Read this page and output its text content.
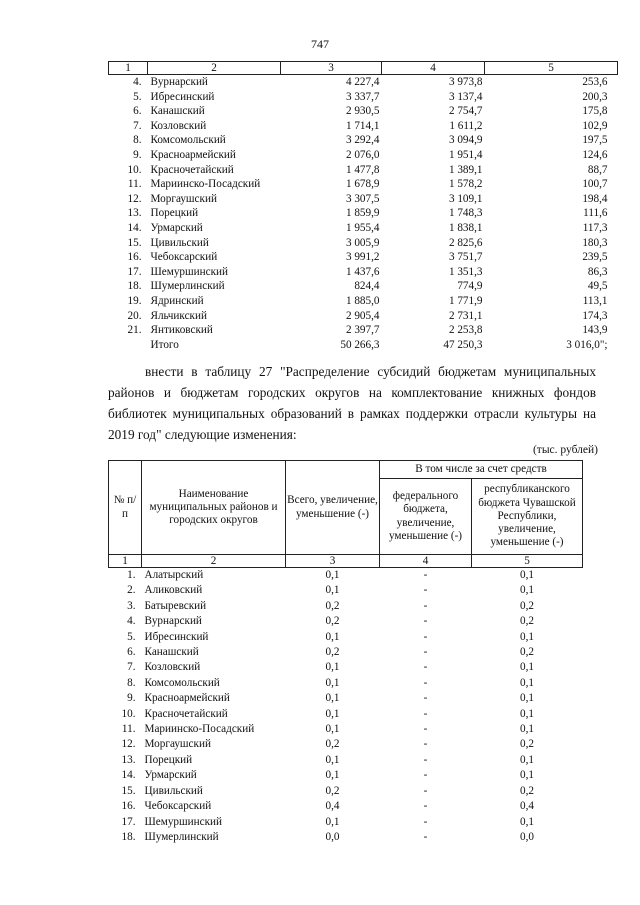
747
1	2	3	4	5
4.	Вурнарский	4 227,4	3 973,8	253,6
5.	Ибресинский	3 337,7	3 137,4	200,3
6.	Канашский	2 930,5	2 754,7	175,8
7.	Козловский	1 714,1	1 611,2	102,9
8.	Комсомольский	3 292,4	3 094,9	197,5
9.	Красноармейский	2 076,0	1 951,4	124,6
10.	Красночетайский	1 477,8	1 389,1	88,7
11.	Мариинско-Посадский	1 678,9	1 578,2	100,7
12.	Моргаушский	3 307,5	3 109,1	198,4
13.	Порецкий	1 859,9	1 748,3	111,6
14.	Урмарский	1 955,4	1 838,1	117,3
15.	Цивильский	3 005,9	2 825,6	180,3
16.	Чебоксарский	3 991,2	3 751,7	239,5
17.	Шемуршинский	1 437,6	1 351,3	86,3
18.	Шумерлинский	824,4	774,9	49,5
19.	Ядринский	1 885,0	1 771,9	113,1
20.	Яльчикский	2 905,4	2 731,1	174,3
21.	Янтиковский	2 397,7	2 253,8	143,9
	Итого	50 266,3	47 250,3	3 016,0";

внести в таблицу 27 "Распределение субсидий бюджетам муниципальных районов и бюджетам городских округов на комплектование книжных фондов библиотек муниципальных образований в рамках поддержки отрасли культуры на 2019 год" следующие изменения:

(тыс. рублей)
№ п/п	Наименование муниципальных районов и городских округов	Всего, увеличение, уменьшение (-)	В том числе за счет средств	
			федерального бюджета, увеличение, уменьшение (-)	республиканского бюджета Чувашской Республики, увеличение, уменьшение (-)
1	2	3	4	5
1.	Алатырский	0,1	-	0,1
2.	Аликовский	0,1	-	0,1
3.	Батыревский	0,2	-	0,2
4.	Вурнарский	0,2	-	0,2
5.	Ибресинский	0,1	-	0,1
6.	Канашский	0,2	-	0,2
7.	Козловский	0,1	-	0,1
8.	Комсомольский	0,1	-	0,1
9.	Красноармейский	0,1	-	0,1
10.	Красночетайский	0,1	-	0,1
11.	Мариинско-Посадский	0,1	-	0,1
12.	Моргаушский	0,2	-	0,2
13.	Порецкий	0,1	-	0,1
14.	Урмарский	0,1	-	0,1
15.	Цивильский	0,2	-	0,2
16.	Чебоксарский	0,4	-	0,4
17.	Шемуршинский	0,1	-	0,1
18.	Шумерлинский	0,0	-	0,0
